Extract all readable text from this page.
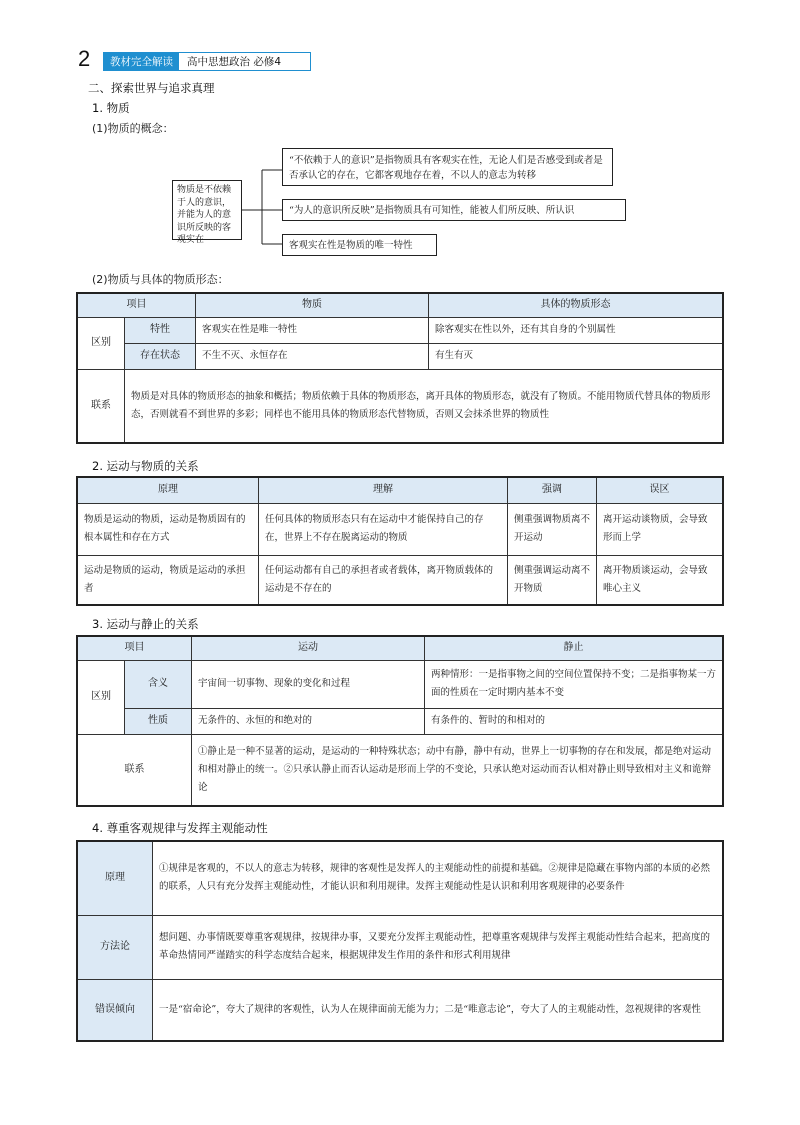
2	教材完全解读	高中思想政治 必修4
二、探索世界与追求真理
1. 物质
(1)物质的概念：
物质是不依赖于人的意识，并能为人的意识所反映的客观实在
“不依赖于人的意识”是指物质具有客观实在性，无论人们是否感受到或者是否承认它的存在，它都客观地存在着，不以人的意志为转移
“为人的意识所反映”是指物质具有可知性，能被人们所反映、所认识
客观实在性是物质的唯一特性
(2)物质与具体的物质形态：
项目		物质	具体的物质形态
区别	特性	客观实在性是唯一特性	除客观实在性以外，还有其自身的个别属性
	存在状态	不生不灭、永恒存在	有生有灭
联系	物质是对具体的物质形态的抽象和概括；物质依赖于具体的物质形态，离开具体的物质形态，就没有了物质。不能用物质代替具体的物质形态，否则就看不到世界的多彩；同样也不能用具体的物质形态代替物质，否则又会抹杀世界的物质性		
2. 运动与物质的关系
原理	理解	强调	误区
物质是运动的物质，运动是物质固有的根本属性和存在方式	任何具体的物质形态只有在运动中才能保持自己的存在，世界上不存在脱离运动的物质	侧重强调物质离不开运动	离开运动谈物质，会导致形而上学
运动是物质的运动，物质是运动的承担者	任何运动都有自己的承担者或者载体，离开物质载体的运动是不存在的	侧重强调运动离不开物质	离开物质谈运动，会导致唯心主义
3. 运动与静止的关系
项目		运动	静止
区别	含义	宇宙间一切事物、现象的变化和过程	两种情形：一是指事物之间的空间位置保持不变；二是指事物某一方面的性质在一定时期内基本不变
	性质	无条件的、永恒的和绝对的	有条件的、暂时的和相对的
联系		①静止是一种不显著的运动，是运动的一种特殊状态；动中有静，静中有动，世界上一切事物的存在和发展，都是绝对运动和相对静止的统一。②只承认静止而否认运动是形而上学的不变论，只承认绝对运动而否认相对静止则导致相对主义和诡辩论	
4. 尊重客观规律与发挥主观能动性
原理	①规律是客观的，不以人的意志为转移，规律的客观性是发挥人的主观能动性的前提和基础。②规律是隐藏在事物内部的本质的必然的联系，人只有充分发挥主观能动性，才能认识和利用规律。发挥主观能动性是认识和利用客观规律的必要条件
方法论	想问题、办事情既要尊重客观规律，按规律办事，又要充分发挥主观能动性，把尊重客观规律与发挥主观能动性结合起来，把高度的革命热情同严谨踏实的科学态度结合起来，根据规律发生作用的条件和形式利用规律
错误倾向	一是“宿命论”，夸大了规律的客观性，认为人在规律面前无能为力；二是“唯意志论”，夸大了人的主观能动性，忽视规律的客观性
